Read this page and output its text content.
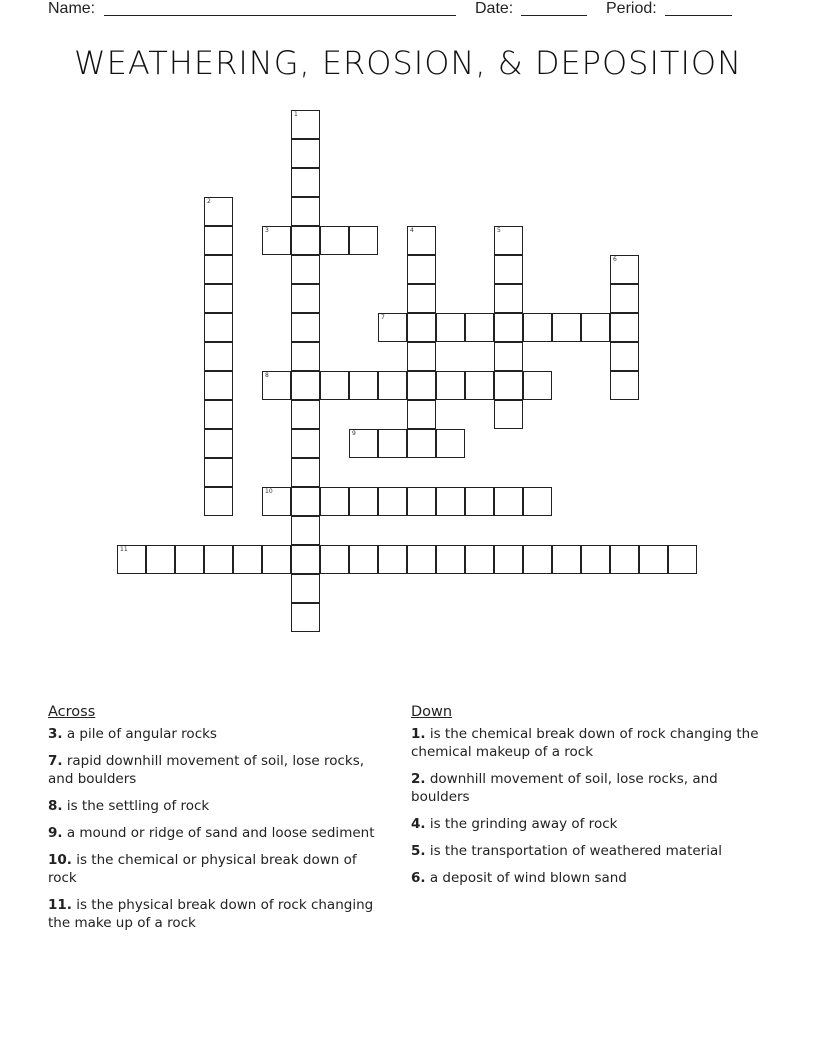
Name:	Date:	Period:
WEATHERING, EROSION, & DEPOSITION
1
2
3	4	5
6
7
8
9
10
11
Across
3. a pile of angular rocks
7. rapid downhill movement of soil, lose rocks, and boulders
8. is the settling of rock
9. a mound or ridge of sand and loose sediment
10. is the chemical or physical break down of rock
11. is the physical break down of rock changing the make up of a rock
Down
1. is the chemical break down of rock changing the chemical makeup of a rock
2. downhill movement of soil, lose rocks, and boulders
4. is the grinding away of rock
5. is the transportation of weathered material
6. a deposit of wind blown sand
